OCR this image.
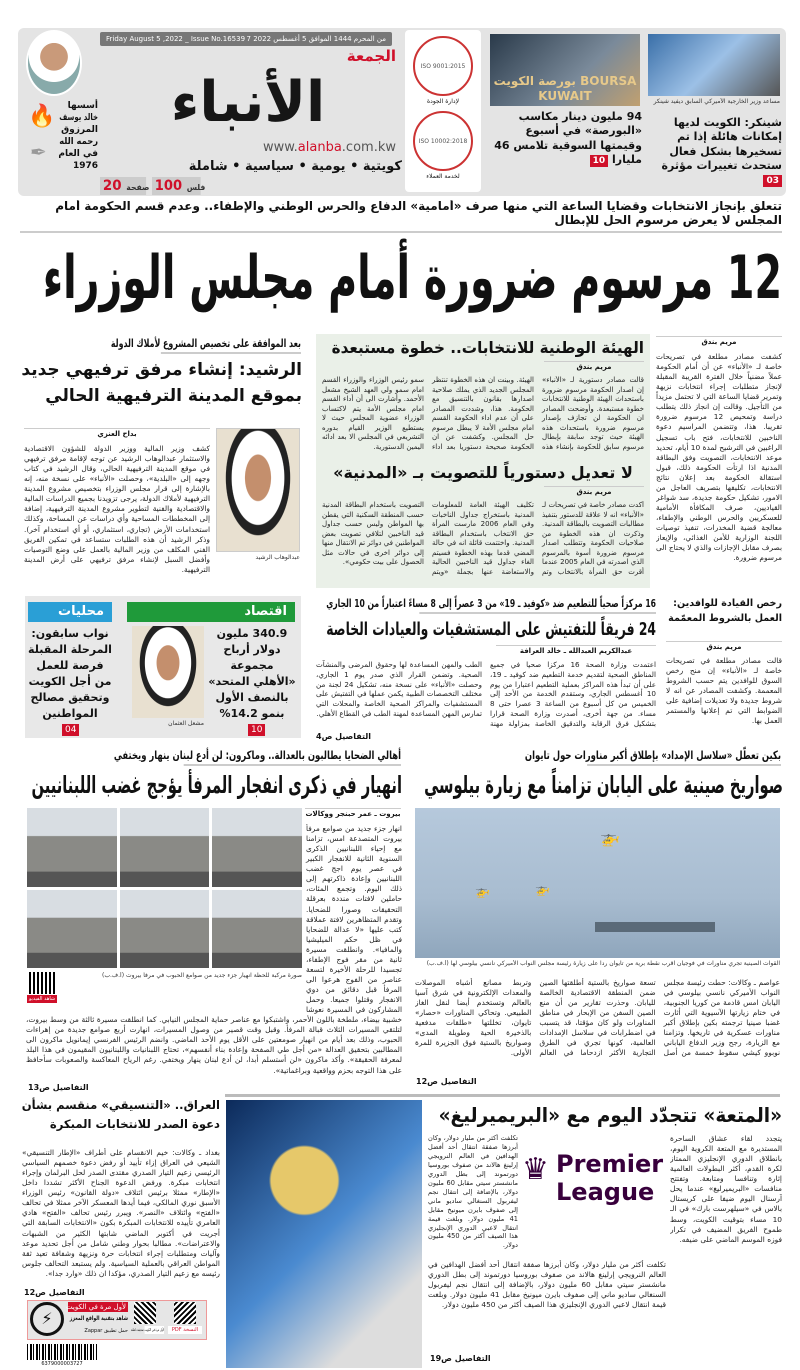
🔥
✒
أسسها
خالد يوسف
المرزوق
رحمه الله
في العام
1976
Friday August 5 ,2022 _ Issue No.16539 7 من المحرم 1444 الموافق 5 أغسطس 2022
الجمعة
الأنباء
www.alanba.com.kw
كويتية • يومية • سياسية • شاملة
100 فلس
20 صفحة
ISO 9001:2015
لإدارة الجودة
ISO 10002:2018
لخدمة العملاء
بورصة الكويت BOURSA KUWAIT	مساعد وزير الخارجية الأميركي السابق ديفيد شينكر
94 مليون دينار مكاسب «البورصة» في أسبوع وقيمتها السوقية تلامس 46 مليارا 10
شينكر: الكويت لديها إمكانات هائلة إذا تم تسخيرها بشكل فعال ستحدث تغييرات مؤثرة 03
تتعلق بإنجاز الانتخابات وقضايا الساعة التي منها صرف «أمامية» الدفاع والحرس الوطني والإطفاء.. وعدم قسم الحكومة أمام المجلس لا يعرض مرسوم الحل للإبطال
12 مرسوم ضرورة أمام مجلس الوزراء
مريم بندق
كشفت مصادر مطلعة في تصريحات خاصة لـ «الأنباء» عن أن أمام الحكومة عملاً مضنياً خلال الفترة القريبة المقبلة لإنجاز متطلبات إجراء انتخابات نزيهة وتمرير قضايا الساعة التي لا تحتمل مزيداً من التأجيل. وقالت إن انجاز ذلك يتطلب دراسة وتمحيص 12 مرسوم ضرورة تقريبا. هذا، وتتضمن المراسيم دعوة الناخبين للانتخابات، فتح باب تسجيل الراغبين في الترشيح لمدة 10 أيام، تحديد موعد الانتخابات، التصويت وفق البطاقة المدنية اذا ارتأت الحكومة ذلك، قبول استقالة الحكومة بعد إعلان نتائج الانتخابات، تكليفها بتصريف العاجل من الامور، تشكيل حكومة جديدة، سد شواغر القياديين، صرف المكافأة الأمامية للعسكريين والحرس الوطني والإطفاء، معالجة قضية المخدرات، تنفيذ توصيات اللجنة الوزارية للأمن الغذائي، والإيعاز بصرف مقابل الإجازات والذي لا يحتاج الى مرسوم ضرورة.
الهيئة الوطنية للانتخابات.. خطوة مستبعدة
مريم بندق
قالت مصادر دستورية لـ «الأنباء» إن اصدار الحكومة مرسوم ضرورة باستحداث الهيئة الوطنية للانتخابات خطوة مستبعدة. وأوضحت المصادر ان الحكومة لن تجازف بإصدار مرسوم ضرورة باستحداث هذه الهيئة حيث توجد سابقة بإبطال مرسوم سابق للحكومة بإنشاء هذه الهيئة. وبينت ان هذه الخطوة تنتظر المجلس الجديد الذي يملك صلاحية اصدارها بقانون بالتنسيق مع الحكومة. هذا، وشددت المصادر على أن عدم اداء الحكومة القسم امام مجلس الأمة لا يبطل مرسوم حل المجلس. وكشفت عن ان الحكومة صحيحة دستوريا بعد اداء سمو رئيس الوزراء والوزراء القسم امام سمو ولي العهد الشيخ مشعل الأحمد. وأشارت الى أن أداء القسم امام مجلس الأمة يتم لاكتساب الوزراء عضوية المجلس حيث لا يستطيع الوزير القيام بدوره التشريعي في المجلس الا بعد ادائه اليمين الدستورية.
لا تعديل دستورياً للتصويت بـ «المدنية»
مريم بندق
أكدت مصادر خاصة في تصريحات لـ «الأنباء» انه لا علاقة للدستور بتنفيذ مطالبات التصويت بالبطاقة المدنية. وذكرت ان هذه الخطوة من صلاحيات الحكومة وتتطلب اصدار مرسوم ضرورة أسوة بالمرسوم الذي اصدرته في العام 2005 عندما أقرت حق المرأة بالانتخاب وتم تكليف الهيئة العامة للمعلومات المدنية باستخراج جداول الناخبات وفي العام 2006 مارست المرأة حق الانتخاب باستخدام البطاقة المدنية. واختتمت قائلة انه في حالة المضي قدما بهذه الخطوة فسيتم الغاء جداول قيد الناخبين الحالية والاستعاضة عنها بجملة «ويتم التصويت باستخدام البطاقة المدنية حسب المنطقة السكنية التي يقطن بها المواطن وليس حسب جداول قيد الناخبين لتلافي تصويت بعض المواطنين في دوائر تم الانتقال منها إلى دوائر اخرى في حالات مثل الحصول على بيت حكومي».
بعد الموافقة على تخصيص المشروع لأملاك الدولة
الرشيد: إنشاء مرفق ترفيهي جديد بموقع المدينة الترفيهية الحالي
عبدالوهاب الرشيد
بداح العنزي
كشف وزير المالية ووزير الدولة للشؤون الاقتصادية والاستثمار عبدالوهاب الرشيد عن توجه لإقامة مرفق ترفيهي في موقع المدينة الترفيهية الحالي، وقال الرشيد في كتاب وجهه إلى «البلدية»، وحصلت «الأنباء» على نسخة منه، إنه بالإشارة إلى قرار مجلس الوزراء بتخصيص مشروع المدينة الترفيهية لأملاك الدولة، يرجى تزويدنا بجميع الدراسات المالية والاقتصادية والفنية لتطوير مشروع المدينة الترفيهية، إضافة إلى المخططات المساحية وأي دراسات عن المساحة، وكذلك استخدامات الأرض (تجاري، استثماري، أو أي استخدام آخر). وذكر الرشيد أن هذه الطلبات ستساعد في تمكين الفريق الفني المكلف من وزير المالية بالعمل على وضع التوصيات وأفضل السبل لإنشاء مرفق ترفيهي على أرض المدينة الترفيهية.
محليات
نواب سابقون: المرحلة المقبلة فرصة للعمل من أجل الكويت وتحقيق مصالح المواطنين
04
اقتصاد
مشعل العثمان
340.9 مليون دولار أرباح مجموعة «الأهلي المتحد» بالنصف الأول بنمو 14.2%
10
16 مركزاً صحياً للتطعيم ضد «كوفيد ـ 19» من 3 عصراً إلى 8 مساءً اعتباراً من 10 الجاري
24 فريقاً للتفتيش على المستشفيات والعيادات الخاصة
عبدالكريم العبدالله ـ خالد العرافة
اعتمدت وزارة الصحة 16 مركزا صحيا في جميع المناطق الصحية لتقديم خدمة التطعيم ضد كوفيد ـ 19، على أن تبدأ هذه المراكز بعملية التطعيم اعتبارا من يوم 10 أغسطس الجاري، وستقدم الخدمة من الأحد إلى الخميس من كل أسبوع من الساعة 3 عصرا حتى 8 مساء. من جهة أخرى، أصدرت وزارة الصحة قرارا بتشكيل فرق الرقابة والتدقيق الخاصة بمزاولة مهنة الطب والمهن المساعدة لها وحقوق المرضى والمنشآت الصحية. وتضمن القرار الذي صدر يوم 1 الجاري، وحصلت «الأنباء» على نسخة منه، تشكيل 24 لجنة من مختلف التخصصات الطبية يكمن عملها في التفتيش على المستشفيات والمراكز الصحية الخاصة والمحلات التي تمارس المهن المساعدة لمهنة الطب في القطاع الأهلي.
التفاصيل ص4
رخص القيادة للوافدين: العمل بالشروط المعمّمة
مريم بندق
قالت مصادر مطلعة في تصريحات خاصة لـ «الأنباء» إن منح رخص السوق للوافدين يتم حسب الشروط المعممة. وكشفت المصادر عن انه لا شروط جديدة ولا تعديلات إضافية على الضوابط التي تم إعلانها والمستمر العمل بها.
أهالي الضحايا يطالبون بالعدالة.. وماكرون: لن أدع لبنان ينهار ويختفي
انهيار في ذكرى انفجار المرفأ يؤجج غضب اللبنانيين
شاهد الفيديو
صورة مركبة للحظة انهيار جزء جديد من صوامع الحبوب في مرفأ بيروت (أ.ف.ب)
بيروت ـ عمر حبنجر ووكالات
انهار جزء جديد من صوامع مرفأ بيروت المتصدعة امس، تزامنا مع إحياء اللبنانيين الذكرى السنوية الثانية للانفجار الكبير في عصر يوم اجج غضب اللبنانيين وإعادة ذاكرتهم إلى ذلك اليوم. وتجمع المئات، حاملين لافتات منددة بعرقلة التحقيقات وصورا للضحايا. وتقدم المتظاهرين لافتة عملاقة كتب عليها «لا عدالة للضحايا في ظل حكم الميليشيا والمافيا». وانطلقت مسيرة ثانية من مقر فوج الإطفاء، تجسيدا للرحلة الأخيرة لتسعة عناصر من الفوج هرعوا الى المرفأ قبل دقائق من دوي الانفجار وقتلوا جميعا. وحمل المشاركون في المسيرة نعوشا خشبية بيضاء، ملطخة باللون الأحمر، واشتبكوا مع عناصر حماية المجلس النيابي. كما انطلقت مسيرة ثالثة من وسط بيروت، لتلتقي المسيرات الثلاث قبالة المرفأ. وقبل وقت قصير من وصول المسيرات، انهارت أربع صوامع جديدة من إهراءات الحبوب، وذلك بعد أيام من انهيار صومعتين على الأقل يوم الأحد الماضي. وانضم الرئيس الفرنسي إيمانويل ماكرون الى المطالبين بتحقيق العدالة «من أجل طي الصفحة وإعادة بناء أنفسهم»، تحتاج اللبنانيات واللبنانيون المقيمون في هذا البلد لمعرفة الحقيقة». وأكد ماكرون «لن أستسلم أبدا، لن أدع لبنان ينهار ويختفي. رغم الرياح المعاكسة والصعوبات سأحافظ على هذا التوجه بحزم وواقعية وبراغماتية».
التفاصيل ص13
بكين تعطّل «سلاسل الإمداد» بإطلاق أكبر مناورات حول تايوان
صواريخ صينية على اليابان تزامناً مع زيارة بيلوسي
🚁
🚁	🚁
القوات الصينية تجري مناورات في فوجيان اقرب نقطة برية من تايوان ردا على زيارة رئيسة مجلس النواب الأميركي نانسي بيلوسي لها (أ.ف.ب)
عواصم ـ وكالات: حطت رئيسة مجلس النواب الأميركي نانسي بيلوسي في اليابان امس قادمة من كوريا الجنوبية، في ختام زيارتها الآسيوية التي أثارت غضبا صينيا ترجمته بكين بإطلاق أكبر مناورات عسكرية في تاريخها. وتزامنا مع الزيارة، رجح وزير الدفاع الياباني نوبوو كيشي سقوط خمسة من أصل تسعة صواريخ بالستية أطلقتها الصين ضمن المنطقة الاقتصادية الخالصة لليابان. وحذرت تقارير من أن منع الصين السفن من الإبحار في مناطق المناورات ولو كان مؤقتا، قد يتسبب في اضطرابات في سلاسل الإمدادات العالمية، كونها تجري في الطرق التجارية الأكثر ازدحاما في العالم وتربط مصانع أشباه الموصلات والمعدات الإلكترونية في شرق آسيا بالعالم وتستخدم أيضا لنقل الغاز الطبيعي. وتحاكي المناورات «حصار» تايوان، تخللتها «طلقات مدفعية بالذخيرة الحية وطويلة المدى» وصواريخ بالستية فوق الجزيرة للمرة الأولى.
التفاصيل ص12
العراق.. «التنسيقي» منقسم بشأن دعوة الصدر للانتخابات المبكرة
بغداد ـ وكالات: خيم الانقسام على أطراف «الإطار التنسيقي» الشيعي في العراق إزاء تأييد أو رفض دعوة خصمهم السياسي الرئيسي زعيم التيار الصدري مقتدى الصدر لحل البرلمان وإجراء انتخابات مبكرة. ورفض الدعوة الجناح الأكثر تشددا داخل «الإطار» ممثلا برئيس ائتلاف «دولة القانون» رئيس الوزراء الأسبق نوري المالكي، فيما أيدها المعسكر الآخر ممثلا في تحالف «الفتح» وائتلاف «النصر». ويبرر رئيس تحالف «الفتح» هادي العامري تأييده للانتخابات المبكرة بكون «الانتخابات السابقة التي أجريت في أكتوبر الماضي شابتها الكثير من الشبهات والاعتراضات». مطالبا بحوار وطني شامل من أجل تحديد موعد وآليات ومتطلبات إجراء انتخابات حرة ونزيهة وشفافة تعيد ثقة المواطن العراقي بالعملية السياسية. ولم يستبعد التحالف جلوس رئيسه مع زعيم التيار الصدري، مؤكدا ان ذلك «وارد جدا».
التفاصيل ص12
«المتعة» تتجدّد اليوم مع «البريميرليغ»
♛ Premier
League
يتجدد لقاء عشاق الساحرة المستديرة مع المتعة الكروية اليوم، بانطلاق الدوري الإنجليزي الممتاز لكرة القدم، أكثر البطولات العالمية إثارة وتنافسا ومتابعة. وتفتتح منافسات «البريميرليغ» عندما يحل آرسنال اليوم ضيفا على كريستال بالاس في «سيلهرست بارك» في الـ 10 مساء بتوقيت الكويت، وسط طموح الفريق المضيف في تكرار فوزه الموسم الماضي على ضيفه.
تكلفت أكثر من مليار دولار، وكان أبرزها صفقة انتقال أحد أفضل الهدافين في العالم النرويجي إرلينغ هالاند من صفوف بوروسيا دورتموند إلى بطل الدوري مانشستر سيتي مقابل 60 مليون دولار، بالإضافة إلى انتقال نجم ليفربول السنغالي ساديو ماني إلى صفوف بايرن ميونيخ مقابل 41 مليون دولار. وبلغت قيمة انتقال لاعبي الدوري الإنجليزي هذا الصيف أكثر من 450 مليون دولار.
تكلفت أكثر من مليار دولار، وكان أبرزها صفقة انتقال أحد أفضل الهدافين في العالم النرويجي إرلينغ هالاند من صفوف بوروسيا دورتموند إلى بطل الدوري مانشستر سيتي مقابل 60 مليون دولار، بالإضافة إلى انتقال نجم ليفربول السنغالي ساديو ماني إلى صفوف بايرن ميونيخ مقابل 41 مليون دولار. وبلغت قيمة انتقال لاعبي الدوري الإنجليزي هذا الصيف أكثر من 450 مليون دولار.
التفاصيل ص19
⚡
لأول مرة في الكويت
شاهد بتقنية الواقع المعزز
حمل تطبيق Zappar لأول مرة في الكويت صحيفة ناطقة	النسخة PDF
6379000003727
